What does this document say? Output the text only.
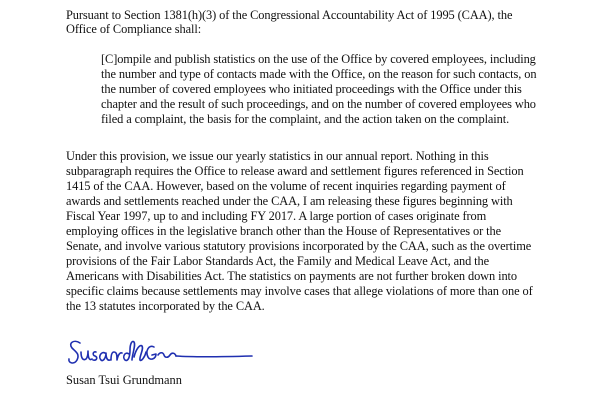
Pursuant to Section 1381(h)(3) of the Congressional Accountability Act of 1995 (CAA), the
Office of Compliance shall:
[C]ompile and publish statistics on the use of the Office by covered employees, including
the number and type of contacts made with the Office, on the reason for such contacts, on
the number of covered employees who initiated proceedings with the Office under this
chapter and the result of such proceedings, and on the number of covered employees who
filed a complaint, the basis for the complaint, and the action taken on the complaint.
Under this provision, we issue our yearly statistics in our annual report. Nothing in this
subparagraph requires the Office to release award and settlement figures referenced in Section
1415 of the CAA. However, based on the volume of recent inquiries regarding payment of
awards and settlements reached under the CAA, I am releasing these figures beginning with
Fiscal Year 1997, up to and including FY 2017. A large portion of cases originate from
employing offices in the legislative branch other than the House of Representatives or the
Senate, and involve various statutory provisions incorporated by the CAA, such as the overtime
provisions of the Fair Labor Standards Act, the Family and Medical Leave Act, and the
Americans with Disabilities Act. The statistics on payments are not further broken down into
specific claims because settlements may involve cases that allege violations of more than one of
the 13 statutes incorporated by the CAA.
Susan Tsui Grundmann
